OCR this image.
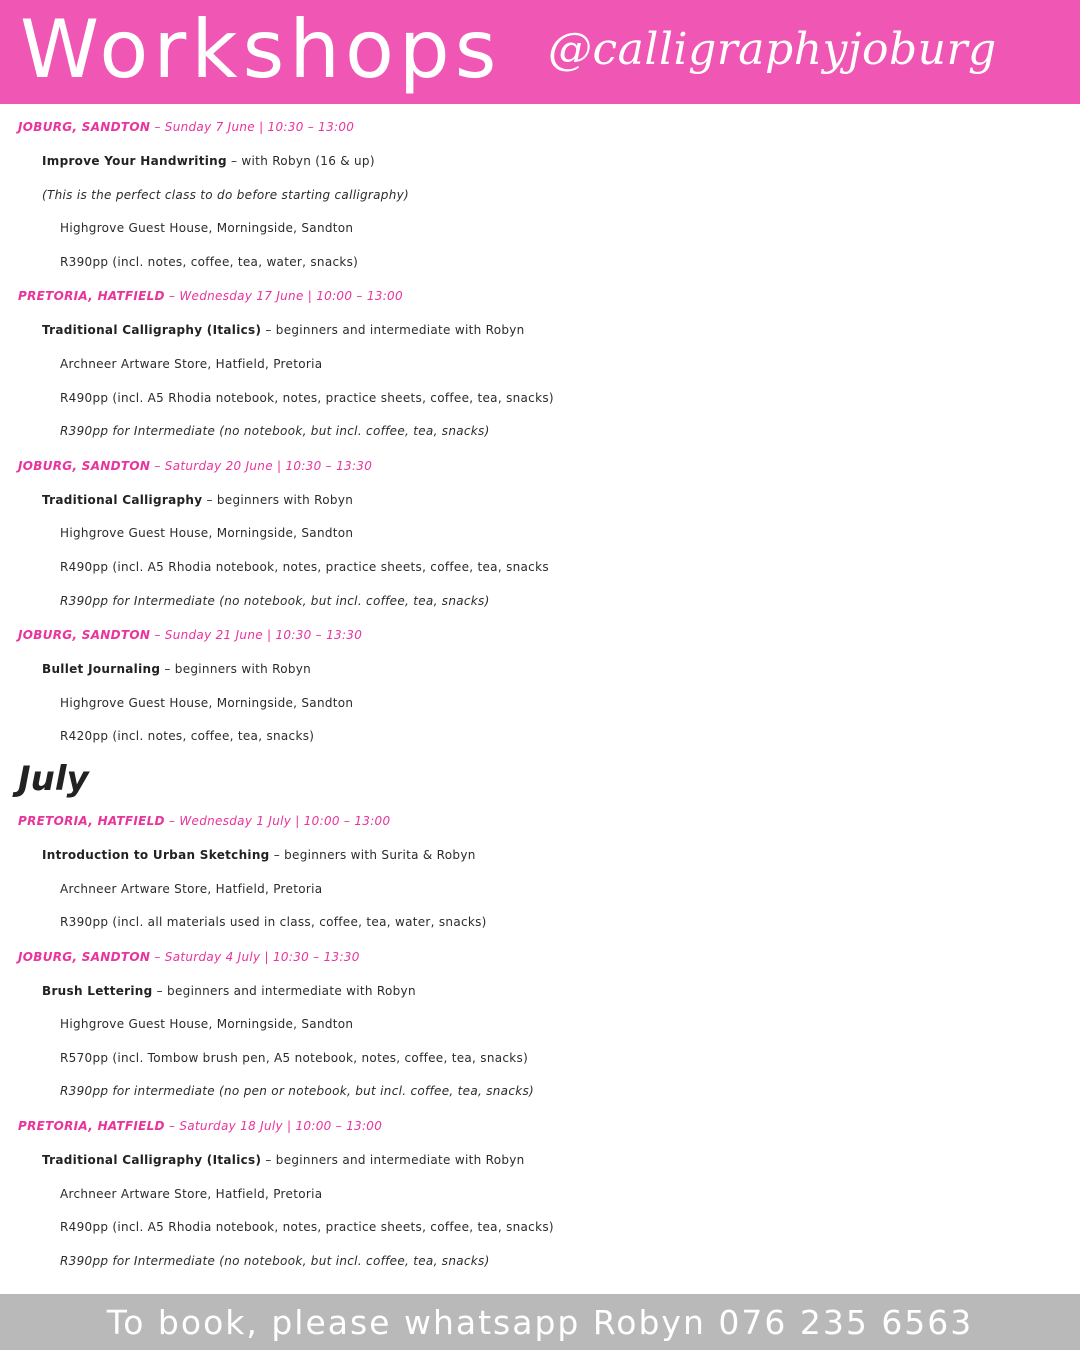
Workshops @calligraphyjoburg
JOBURG, SANDTON – Sunday 7 June | 10:30 – 13:00
Improve Your Handwriting – with Robyn (16 & up)
(This is the perfect class to do before starting calligraphy)
Highgrove Guest House, Morningside, Sandton
R390pp (incl. notes, coffee, tea, water, snacks)
PRETORIA, HATFIELD – Wednesday 17 June | 10:00 – 13:00
Traditional Calligraphy (Italics) – beginners and intermediate with Robyn
Archneer Artware Store, Hatfield, Pretoria
R490pp (incl. A5 Rhodia notebook, notes, practice sheets, coffee, tea, snacks)
R390pp for Intermediate (no notebook, but incl. coffee, tea, snacks)
JOBURG, SANDTON – Saturday 20 June | 10:30 – 13:30
Traditional Calligraphy – beginners with Robyn
Highgrove Guest House, Morningside, Sandton
R490pp (incl. A5 Rhodia notebook, notes, practice sheets, coffee, tea, snacks
R390pp for Intermediate (no notebook, but incl. coffee, tea, snacks)
JOBURG, SANDTON – Sunday 21 June | 10:30 – 13:30
Bullet Journaling – beginners with Robyn
Highgrove Guest House, Morningside, Sandton
R420pp (incl. notes, coffee, tea, snacks)
July
PRETORIA, HATFIELD – Wednesday 1 July | 10:00 – 13:00
Introduction to Urban Sketching – beginners with Surita & Robyn
Archneer Artware Store, Hatfield, Pretoria
R390pp (incl. all materials used in class, coffee, tea, water, snacks)
JOBURG, SANDTON – Saturday 4 July | 10:30 – 13:30
Brush Lettering – beginners and intermediate with Robyn
Highgrove Guest House, Morningside, Sandton
R570pp (incl. Tombow brush pen, A5 notebook, notes, coffee, tea, snacks)
R390pp for intermediate (no pen or notebook, but incl. coffee, tea, snacks)
PRETORIA, HATFIELD – Saturday 18 July | 10:00 – 13:00
Traditional Calligraphy (Italics) – beginners and intermediate with Robyn
Archneer Artware Store, Hatfield, Pretoria
R490pp (incl. A5 Rhodia notebook, notes, practice sheets, coffee, tea, snacks)
R390pp for Intermediate (no notebook, but incl. coffee, tea, snacks)
To book, please whatsapp Robyn 076 235 6563
